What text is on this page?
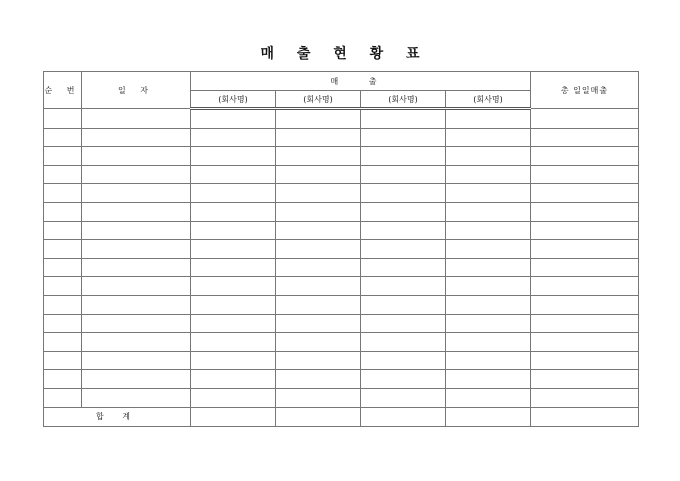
매 출 현 황 표
순 번	일 자	매 출				총 일일매출
		(회사명)	(회사명)	(회사명)	(회사명)	

합 계						
